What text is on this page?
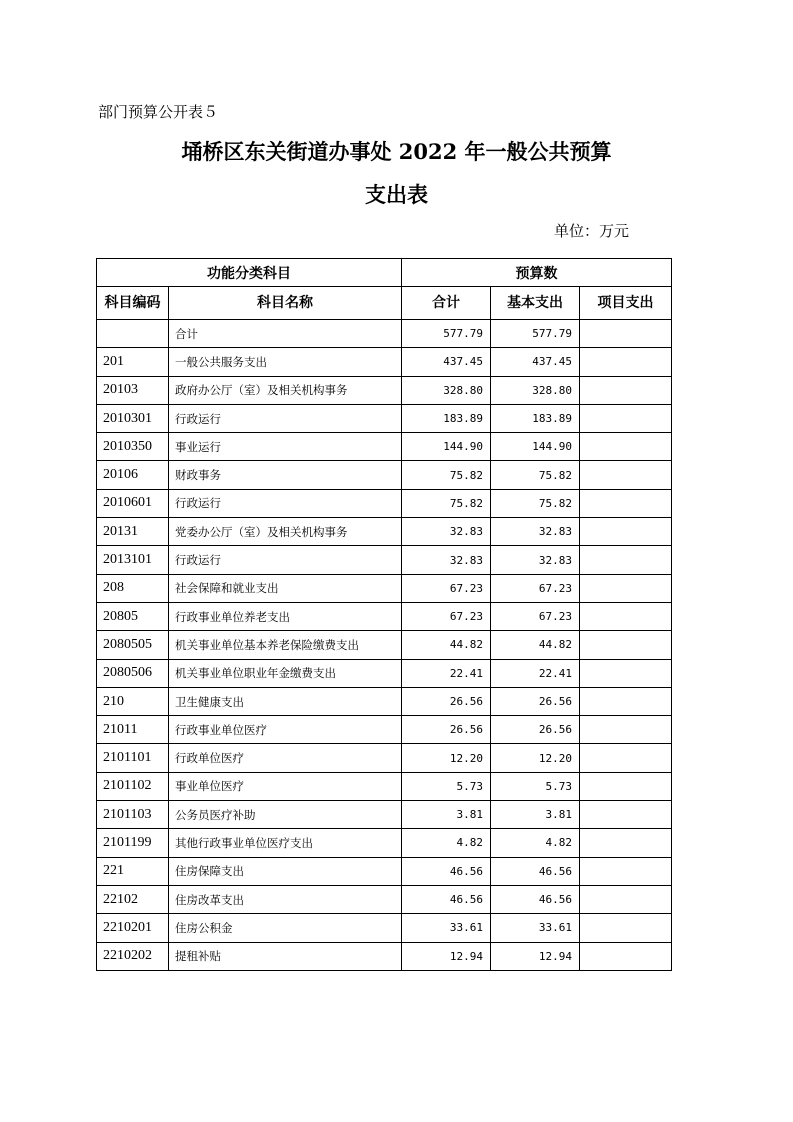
部门预算公开表５
埇桥区东关街道办事处 2022 年一般公共预算
支出表
单位：万元
功能分类科目		预算数		
科目编码	科目名称	合计	基本支出	项目支出
	合计	577.79	577.79	
201	一般公共服务支出	437.45	437.45	
20103	政府办公厅（室）及相关机构事务	328.80	328.80	
2010301	行政运行	183.89	183.89	
2010350	事业运行	144.90	144.90	
20106	财政事务	75.82	75.82	
2010601	行政运行	75.82	75.82	
20131	党委办公厅（室）及相关机构事务	32.83	32.83	
2013101	行政运行	32.83	32.83	
208	社会保障和就业支出	67.23	67.23	
20805	行政事业单位养老支出	67.23	67.23	
2080505	机关事业单位基本养老保险缴费支出	44.82	44.82	
2080506	机关事业单位职业年金缴费支出	22.41	22.41	
210	卫生健康支出	26.56	26.56	
21011	行政事业单位医疗	26.56	26.56	
2101101	行政单位医疗	12.20	12.20	
2101102	事业单位医疗	5.73	5.73	
2101103	公务员医疗补助	3.81	3.81	
2101199	其他行政事业单位医疗支出	4.82	4.82	
221	住房保障支出	46.56	46.56	
22102	住房改革支出	46.56	46.56	
2210201	住房公积金	33.61	33.61	
2210202	提租补贴	12.94	12.94	
